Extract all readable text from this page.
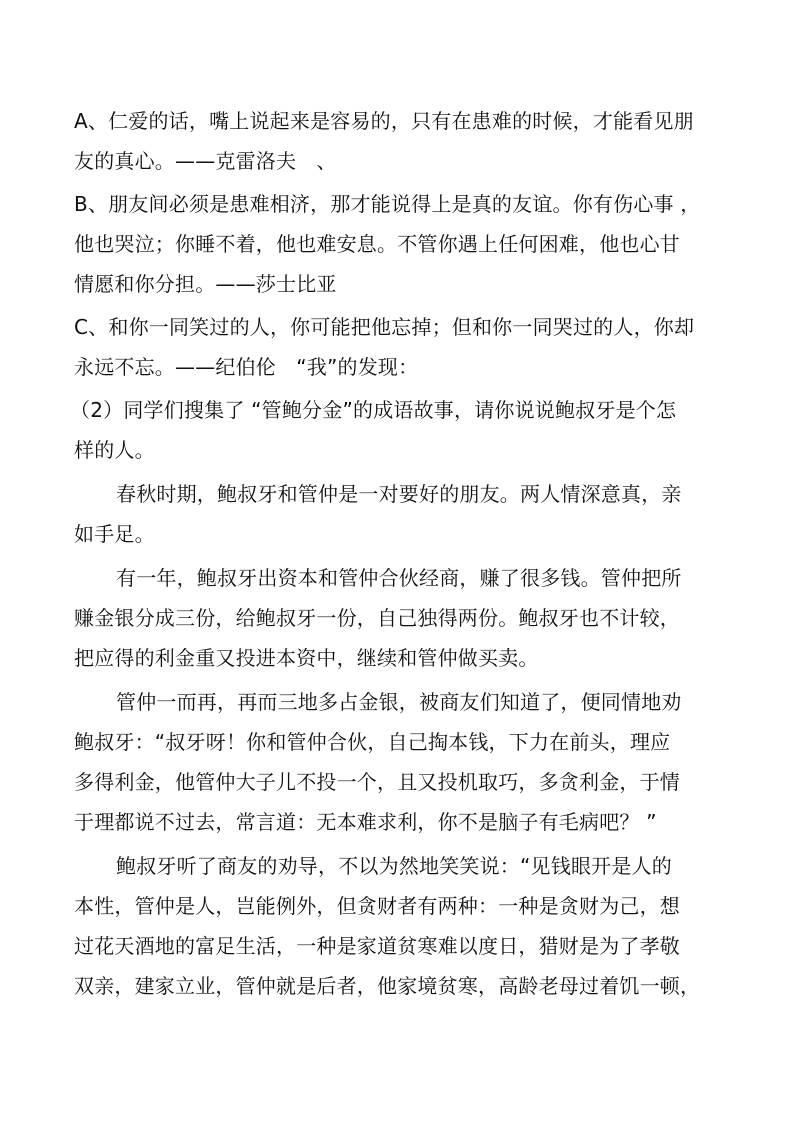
A、仁爱的话，嘴上说起来是容易的，只有在患难的时候，才能看见朋
友的真心。——克雷洛夫　、
B、朋友间必须是患难相济，那才能说得上是真的友谊。你有伤心事 ，
他也哭泣；你睡不着，他也难安息。不管你遇上任何困难，他也心甘
情愿和你分担。——莎士比亚
C、和你一同笑过的人，你可能把他忘掉；但和你一同哭过的人，你却
永远不忘。——纪伯伦　“我”的发现：
（2）同学们搜集了 “管鲍分金”的成语故事，请你说说鲍叔牙是个怎
样的人。
春秋时期，鲍叔牙和管仲是一对要好的朋友。两人情深意真，亲
如手足。
有一年，鲍叔牙出资本和管仲合伙经商，赚了很多钱。管仲把所
赚金银分成三份，给鲍叔牙一份，自己独得两份。鲍叔牙也不计较，
把应得的利金重又投进本资中，继续和管仲做买卖。
管仲一而再，再而三地多占金银，被商友们知道了，便同情地劝
鲍叔牙：“叔牙呀！你和管仲合伙，自己掏本钱，下力在前头，理应
多得利金，他管仲大子儿不投一个，且又投机取巧，多贪利金，于情
于理都说不过去，常言道：无本难求利，你不是脑子有毛病吧？ ”
鲍叔牙听了商友的劝导，不以为然地笑笑说：“见钱眼开是人的
本性，管仲是人，岂能例外，但贪财者有两种：一种是贪财为己，想
过花天酒地的富足生活，一种是家道贫寒难以度日，猎财是为了孝敬
双亲，建家立业，管仲就是后者，他家境贫寒，高龄老母过着饥一顿，
